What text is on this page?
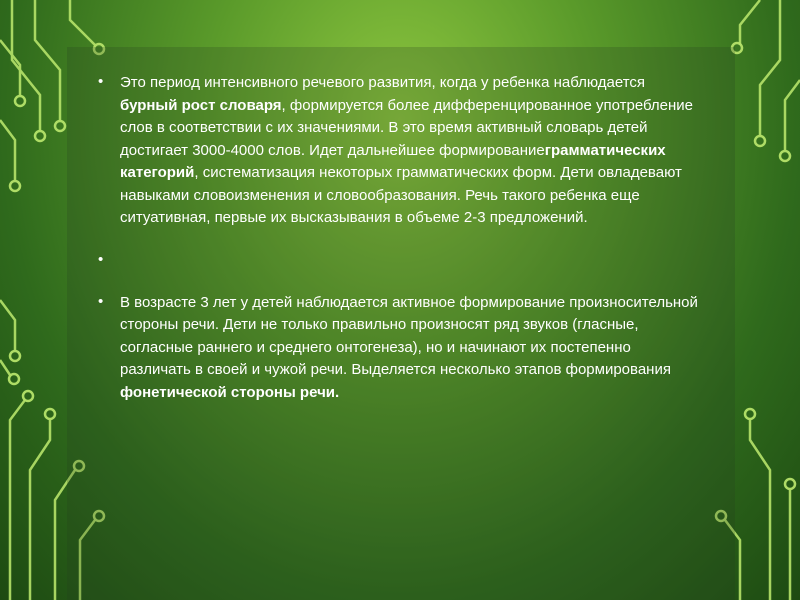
• Это период интенсивного речевого развития, когда у ребенка наблюдается бурный рост словаря, формируется более дифференцированное употребление слов в соответствии с их значениями. В это время активный словарь детей достигает 3000-4000 слов. Идет дальнейшее формированиеграмматических категорий, систематизация некоторых грамматических форм. Дети овладевают навыками словоизменения и словообразования. Речь такого ребенка еще ситуативная, первые их высказывания в объеме 2-3 предложений.
•
• В возрасте 3 лет у детей наблюдается активное формирование произносительной стороны речи. Дети не только правильно произносят ряд звуков (гласные, согласные раннего и среднего онтогенеза), но и начинают их постепенно различать в своей и чужой речи. Выделяется несколько этапов формирования фонетической стороны речи.
